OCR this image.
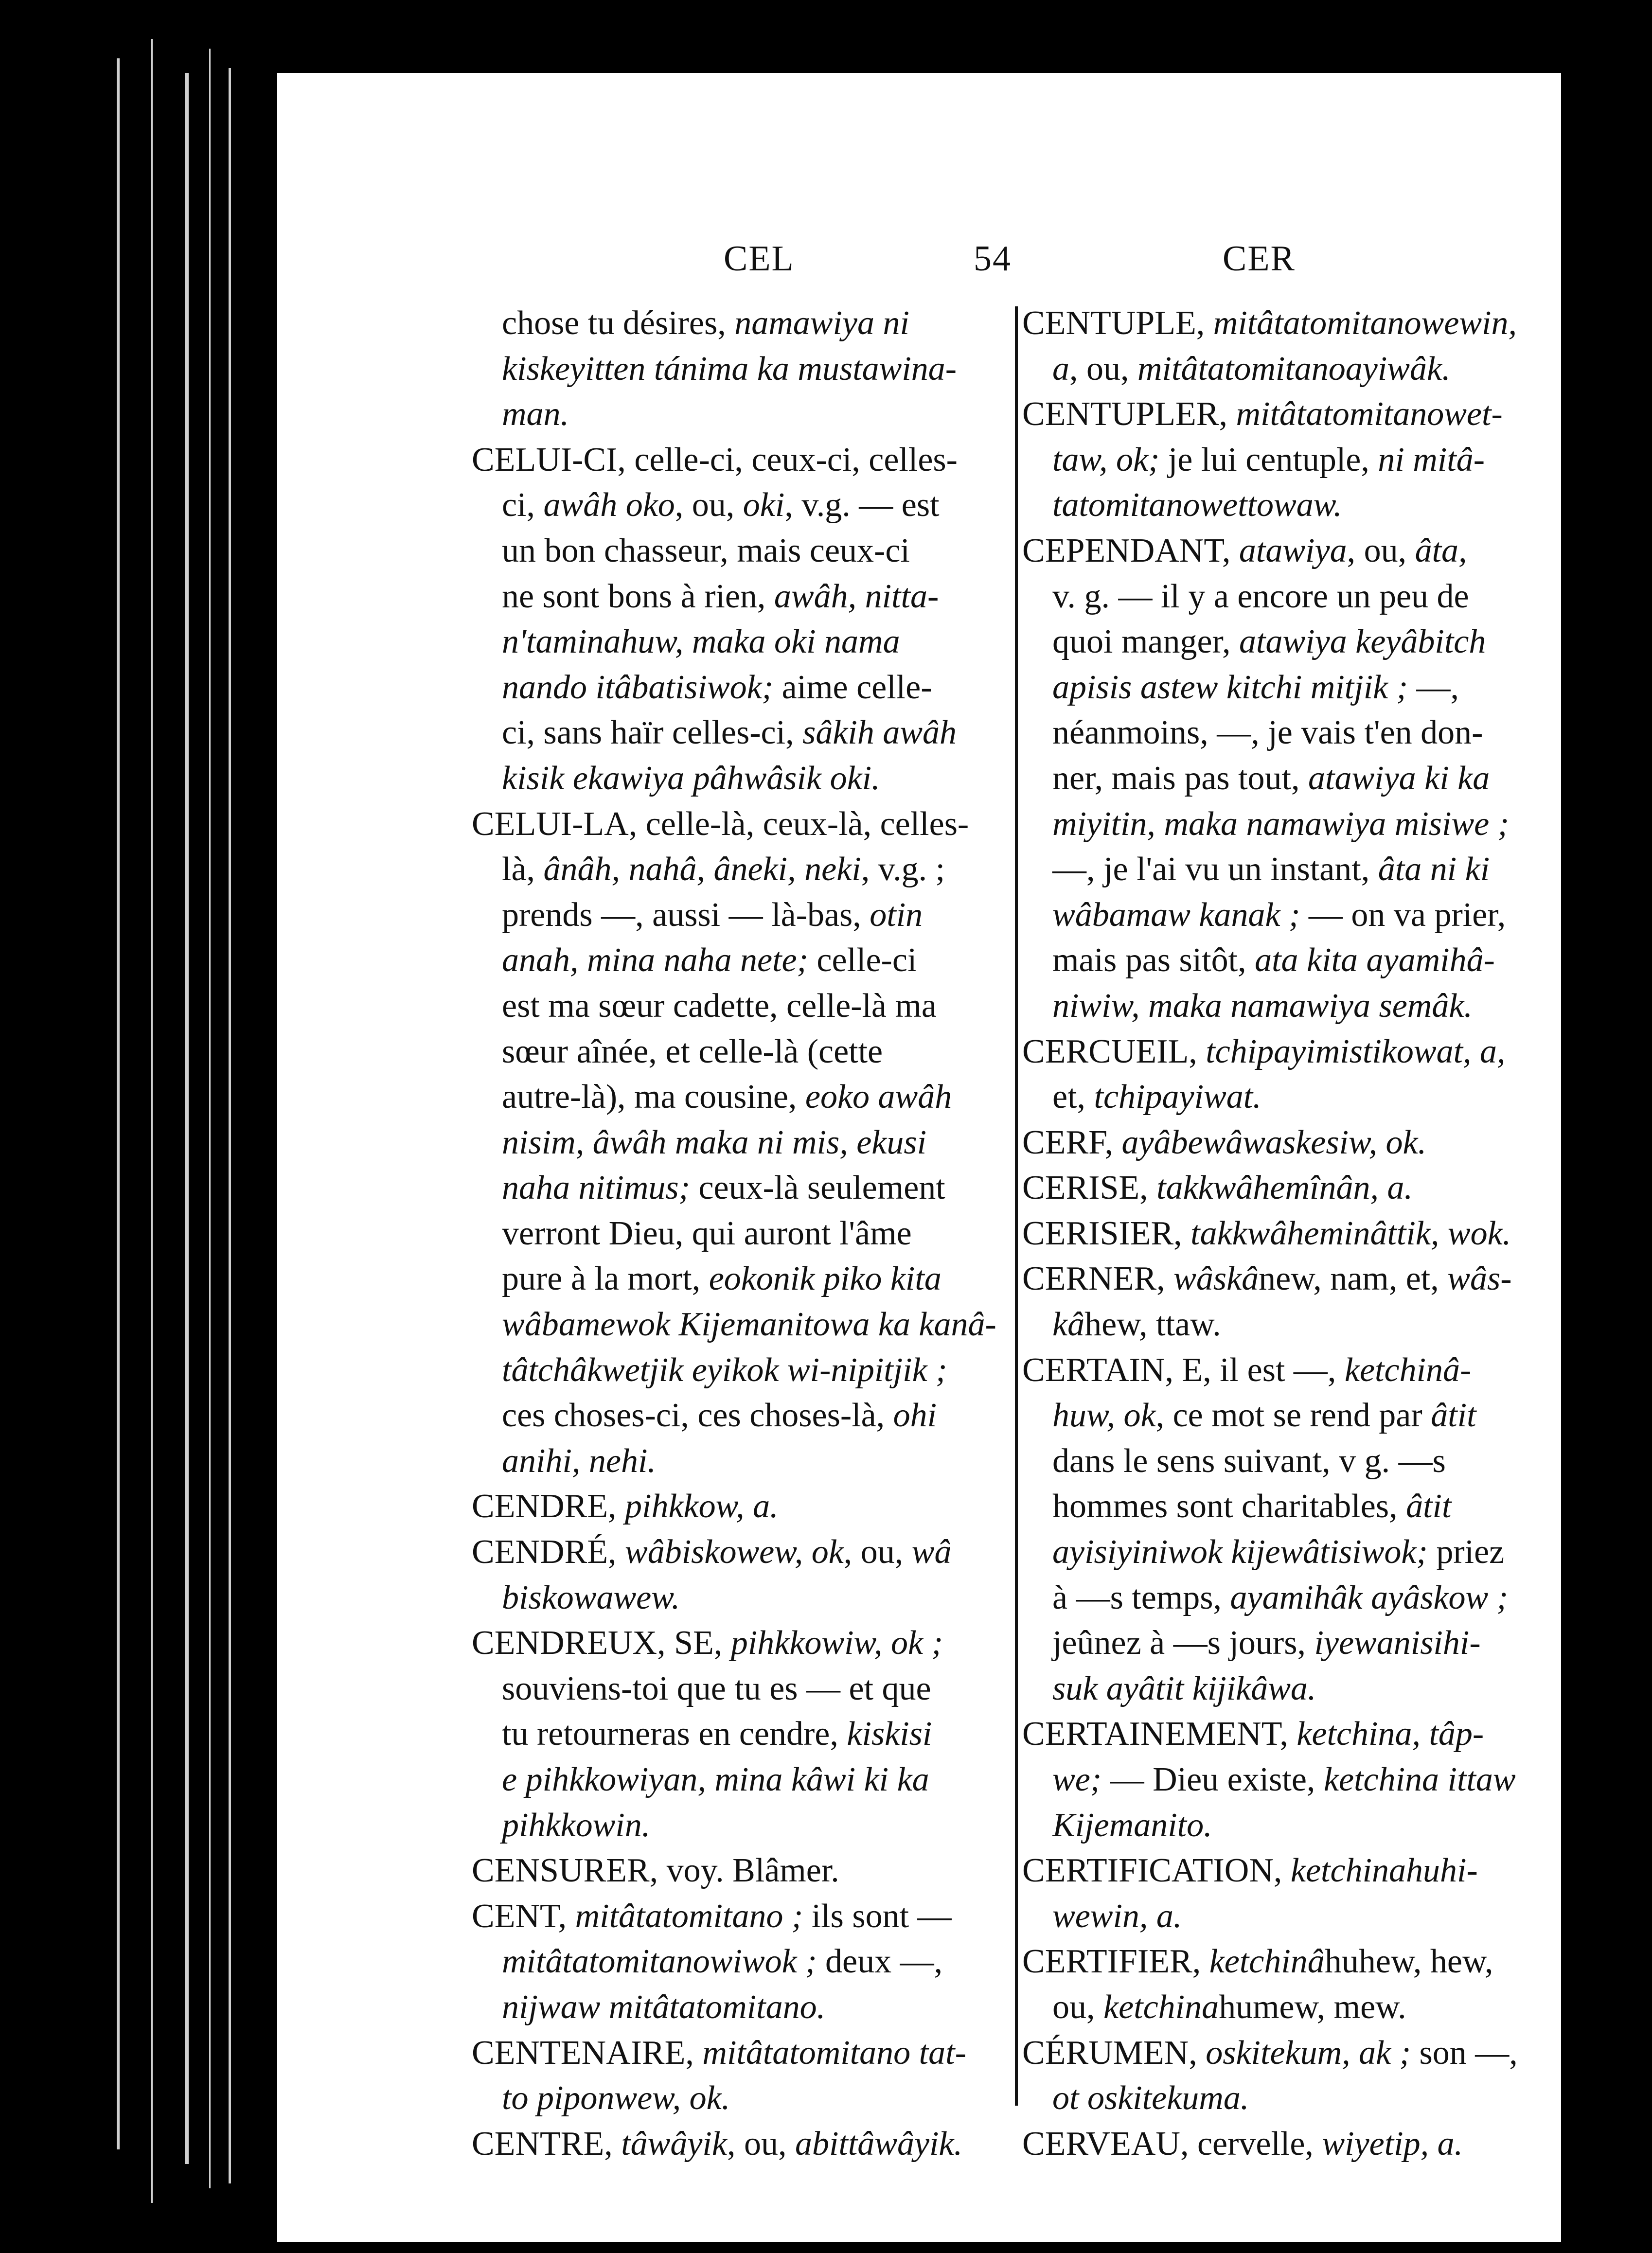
CEL	54	CER
chose tu désires, namawiya ni
kiskeyitten tánima ka mustawina-
man.
CELUI-CI, celle-ci, ceux-ci, celles-
ci, awâh oko, ou, oki, v.g. — est
un bon chasseur, mais ceux-ci
ne sont bons à rien, awâh, nitta-
n'taminahuw, maka oki nama
nando itâbatisiwok; aime celle-
ci, sans haïr celles-ci, sâkih awâh
kisik ekawiya pâhwâsik oki.
CELUI-LA, celle-là, ceux-là, celles-
là, ânâh, nahâ, âneki, neki, v.g. ;
prends —, aussi — là-bas, otin
anah, mina naha nete; celle-ci
est ma sœur cadette, celle-là ma
sœur aînée, et celle-là (cette
autre-là), ma cousine, eoko awâh
nisim, âwâh maka ni mis, ekusi
naha nitimus; ceux-là seulement
verront Dieu, qui auront l'âme
pure à la mort, eokonik piko kita
wâbamewok Kijemanitowa ka kanâ-
tâtchâkwetjik eyikok wi-nipitjik ;
ces choses-ci, ces choses-là, ohi
anihi, nehi.
CENDRE, pihkkow, a.
CENDRÉ, wâbiskowew, ok, ou, wâ
biskowawew.
CENDREUX, SE, pihkkowiw, ok ;
souviens-toi que tu es — et que
tu retourneras en cendre, kiskisi
e pihkkowiyan, mina kâwi ki ka
pihkkowin.
CENSURER, voy. Blâmer.
CENT, mitâtatomitano ; ils sont —
mitâtatomitanowiwok ; deux —,
nijwaw mitâtatomitano.
CENTENAIRE, mitâtatomitano tat-
to piponwew, ok.
CENTRE, tâwâyik, ou, abittâwâyik.
CENTUPLE, mitâtatomitanowewin,
a, ou, mitâtatomitanoayiwâk.
CENTUPLER, mitâtatomitanowet-
taw, ok; je lui centuple, ni mitâ-
tatomitanowettowaw.
CEPENDANT, atawiya, ou, âta,
v. g. — il y a encore un peu de
quoi manger, atawiya keyâbitch
apisis astew kitchi mitjik ; —,
néanmoins, —, je vais t'en don-
ner, mais pas tout, atawiya ki ka
miyitin, maka namawiya misiwe ;
—, je l'ai vu un instant, âta ni ki
wâbamaw kanak ; — on va prier,
mais pas sitôt, ata kita ayamihâ-
niwiw, maka namawiya semâk.
CERCUEIL, tchipayimistikowat, a,
et, tchipayiwat.
CERF, ayâbewâwaskesiw, ok.
CERISE, takkwâhemînân, a.
CERISIER, takkwâheminâttik, wok.
CERNER, wâskânew, nam, et, wâs-
kâhew, ttaw.
CERTAIN, E, il est —, ketchinâ-
huw, ok, ce mot se rend par âtit
dans le sens suivant, v g. —s
hommes sont charitables, âtit
ayisiyiniwok kijewâtisiwok; priez
à —s temps, ayamihâk ayâskow ;
jeûnez à —s jours, iyewanisihi-
suk ayâtit kijikâwa.
CERTAINEMENT, ketchina, tâp-
we; — Dieu existe, ketchina ittaw
Kijemanito.
CERTIFICATION, ketchinahuhi-
wewin, a.
CERTIFIER, ketchinâhuhew, hew,
ou, ketchinahumew, mew.
CÉRUMEN, oskitekum, ak ; son —,
ot oskitekuma.
CERVEAU, cervelle, wiyetip, a.
